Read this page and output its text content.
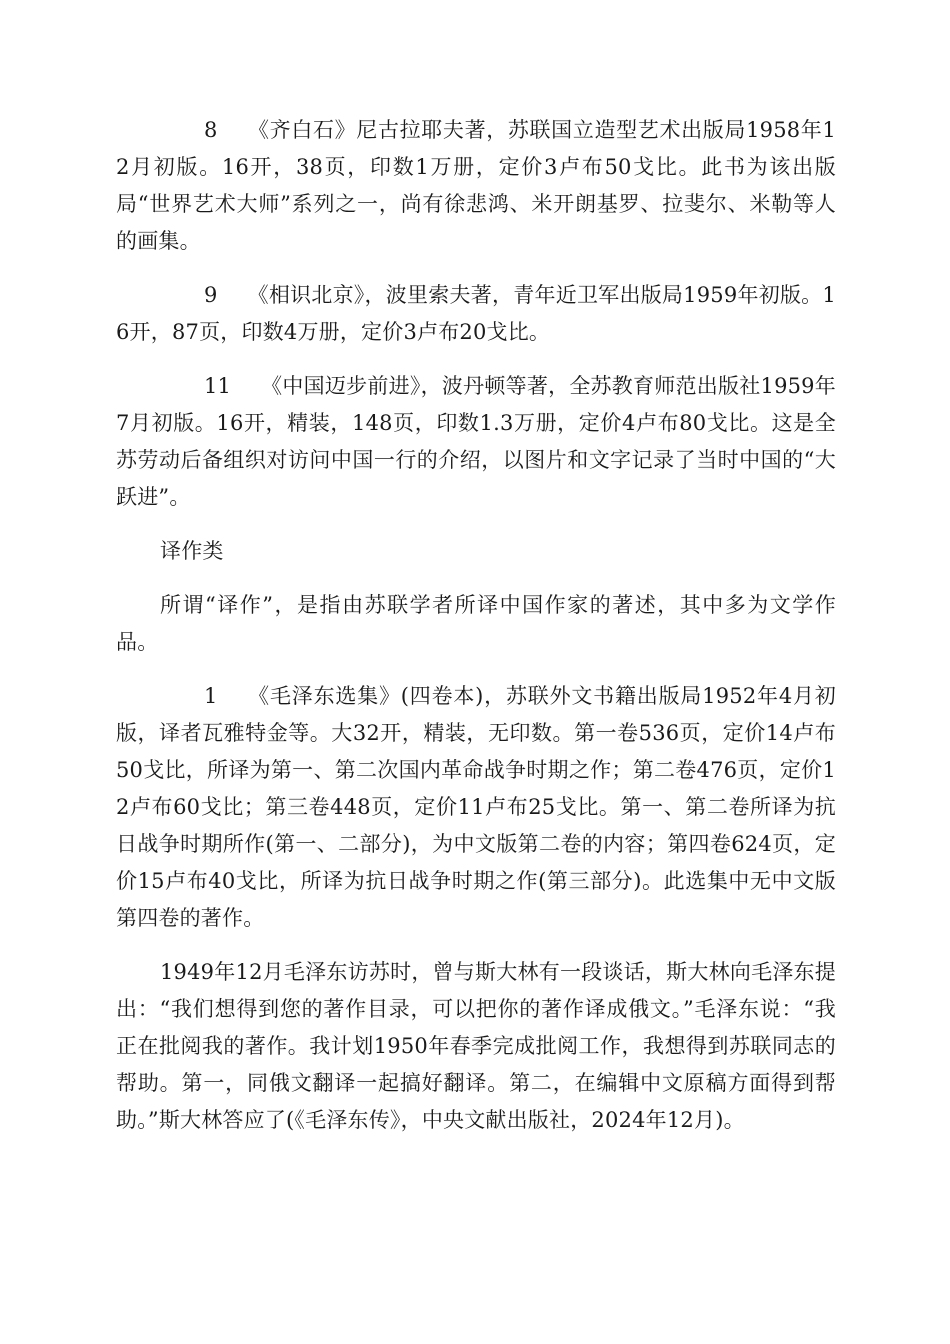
8 《齐白石》尼古拉耶夫著，苏联国立造型艺术出版局1958年12月初版。16开，38页，印数1万册，定价3卢布50戈比。此书为该出版局“世界艺术大师”系列之一，尚有徐悲鸿、米开朗基罗、拉斐尔、米勒等人的画集。

9 《相识北京》，波里索夫著，青年近卫军出版局1959年初版。16开，87页，印数4万册，定价3卢布20戈比。

11 《中国迈步前进》，波丹顿等著，全苏教育师范出版社1959年7月初版。16开，精装，148页，印数1.3万册，定价4卢布80戈比。这是全苏劳动后备组织对访问中国一行的介绍，以图片和文字记录了当时中国的“大跃进”。

译作类

所谓“译作”，是指由苏联学者所译中国作家的著述，其中多为文学作品。

1 《毛泽东选集》(四卷本)，苏联外文书籍出版局1952年4月初版，译者瓦雅特金等。大32开，精装，无印数。第一卷536页，定价14卢布50戈比，所译为第一、第二次国内革命战争时期之作；第二卷476页，定价12卢布60戈比；第三卷448页，定价11卢布25戈比。第一、第二卷所译为抗日战争时期所作(第一、二部分)，为中文版第二卷的内容；第四卷624页，定价15卢布40戈比，所译为抗日战争时期之作(第三部分)。此选集中无中文版第四卷的著作。

1949年12月毛泽东访苏时，曾与斯大林有一段谈话，斯大林向毛泽东提出：“我们想得到您的著作目录，可以把你的著作译成俄文。”毛泽东说：“我正在批阅我的著作。我计划1950年春季完成批阅工作，我想得到苏联同志的帮助。第一，同俄文翻译一起搞好翻译。第二，在编辑中文原稿方面得到帮助。”斯大林答应了(《毛泽东传》，中央文献出版社，2024年12月)。
